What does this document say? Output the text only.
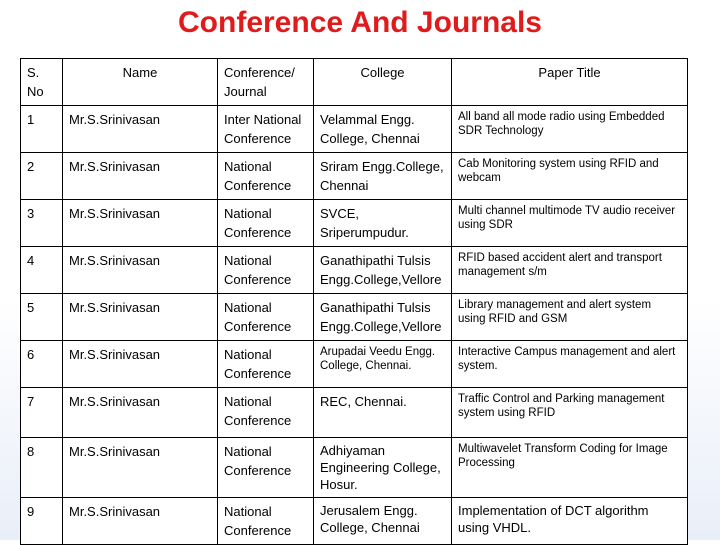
Conference And Journals
S. No	Name	Conference/ Journal	College	Paper Title
1	Mr.S.Srinivasan	Inter National Conference	Velammal Engg. College, Chennai	All band all mode radio using Embedded SDR Technology
2	Mr.S.Srinivasan	National Conference	Sriram Engg.College, Chennai	Cab Monitoring system using RFID and webcam
3	Mr.S.Srinivasan	National Conference	SVCE, Sriperumpudur.	Multi channel multimode TV audio receiver using SDR
4	Mr.S.Srinivasan	National Conference	Ganathipathi Tulsis Engg.College,Vellore	RFID based accident alert and transport management s/m
5	Mr.S.Srinivasan	National Conference	Ganathipathi Tulsis Engg.College,Vellore	Library management and alert system using RFID and GSM
6	Mr.S.Srinivasan	National Conference	Arupadai Veedu Engg. College, Chennai.	Interactive Campus management and alert system.
7	Mr.S.Srinivasan	National Conference	REC, Chennai.	Traffic Control and Parking management system using RFID
8	Mr.S.Srinivasan	National Conference	Adhiyaman Engineering College, Hosur.	Multiwavelet Transform Coding for Image Processing
9	Mr.S.Srinivasan	National Conference	Jerusalem Engg. College, Chennai	Implementation of DCT algorithm using VHDL.
